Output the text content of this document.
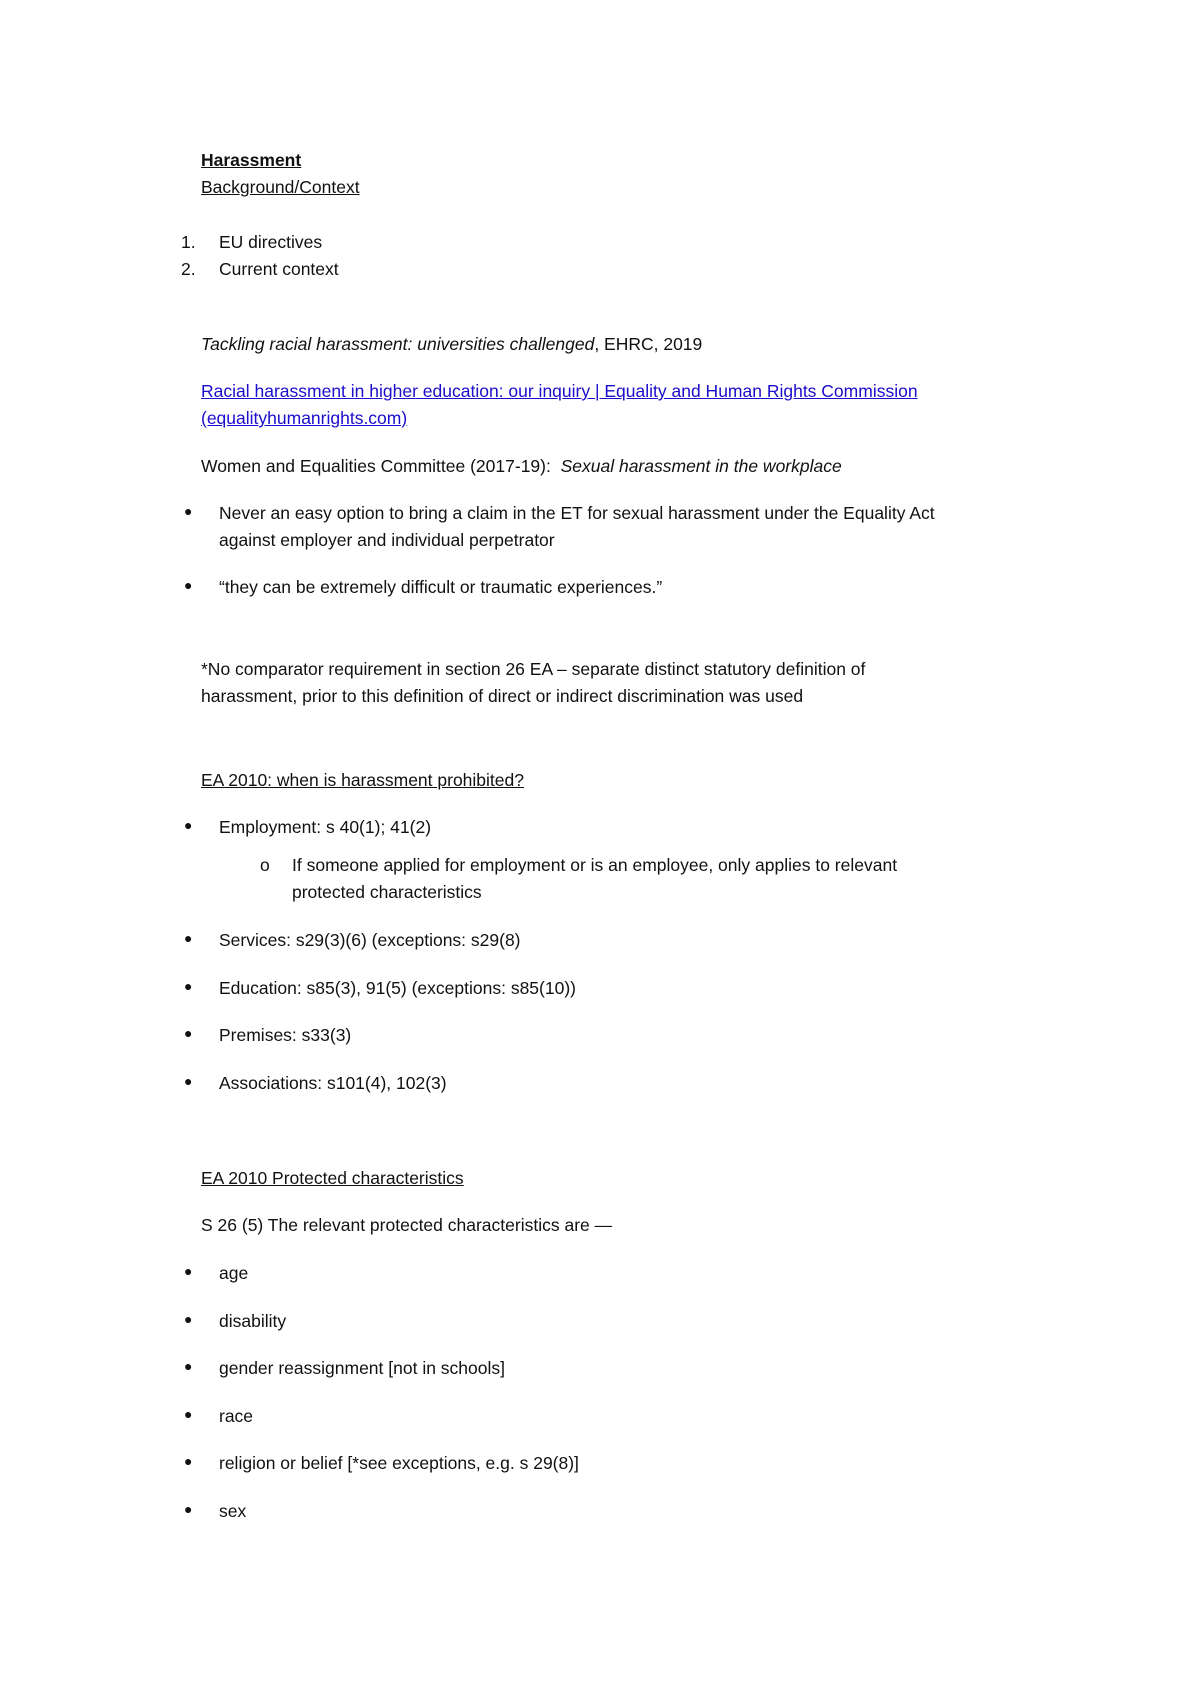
Harassment
Background/Context
1. EU directives
2. Current context
Tackling racial harassment: universities challenged, EHRC, 2019
Racial harassment in higher education: our inquiry | Equality and Human Rights Commission
(equalityhumanrights.com)
Women and Equalities Committee (2017-19): Sexual harassment in the workplace
● Never an easy option to bring a claim in the ET for sexual harassment under the Equality Act
against employer and individual perpetrator
● “they can be extremely difficult or traumatic experiences.”
*No comparator requirement in section 26 EA – separate distinct statutory definition of
harassment, prior to this definition of direct or indirect discrimination was used
EA 2010: when is harassment prohibited?
● Employment: s 40(1); 41(2)
o If someone applied for employment or is an employee, only applies to relevant
protected characteristics
● Services: s29(3)(6) (exceptions: s29(8)
● Education: s85(3), 91(5) (exceptions: s85(10))
● Premises: s33(3)
● Associations: s101(4), 102(3)
EA 2010 Protected characteristics
S 26 (5) The relevant protected characteristics are —
● age
● disability
● gender reassignment [not in schools]
● race
● religion or belief [*see exceptions, e.g. s 29(8)]
● sex
